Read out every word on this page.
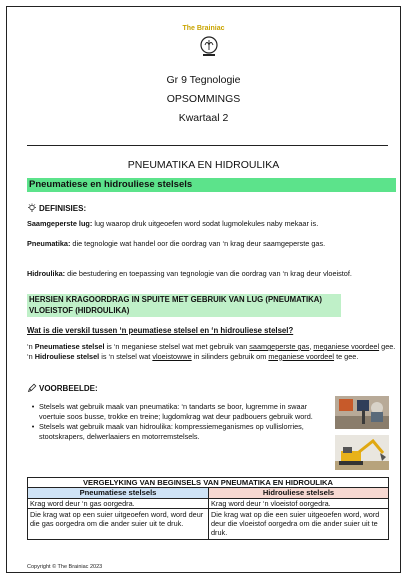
The Brainiac
Gr 9 Tegnologie
OPSOMMINGS
Kwartaal 2
PNEUMATIKA EN HIDROULIKA
Pneumatiese en hidrouliese stelsels
DEFINISIES:
Saamgeperste lug: lug waarop druk uitgeoefen word sodat lugmolekules naby mekaar is.
Pneumatika: die tegnologie wat handel oor die oordrag van ‘n krag deur saamgeperste gas.
Hidroulika: die bestudering en toepassing van tegnologie van die oordrag van ‘n krag deur vloeistof.
HERSIEN KRAGOORDRAG IN SPUITE MET GEBRUIK VAN LUG (PNEUMATIKA)
VLOEISTOF (HIDROULIKA)
Wat is die verskil tussen ‘n peumatiese stelsel en ‘n hidrouliese stelsel?
‘n Pneumatiese stelsel is ‘n meganiese stelsel wat met gebruik van saamgeperste gas, meganiese voordeel gee. ‘n Hidrouliese stelsel is ‘n stelsel wat vloeistowwe in silinders gebruik om meganiese voordeel te gee.
VOORBEELDE:
• Stelsels wat gebruik maak van pneumatika: ‘n tandarts se boor, lugremme in swaar voertuie soos busse, trokke en treine; lugdomkrag wat deur padbouers gebruik word.
• Stelsels wat gebruik maak van hidroulika: kompressiemeganismes op vullislorries, stootskrapers, delwerlaaiers en motorremstelsels.
VERGELYKING VAN BEGINSELS VAN PNEUMATIKA EN HIDROULIKA
Pneumatiese stelsels	Hidrouliese stelsels
Krag word deur ‘n gas oorgedra.	Krag word deur ‘n vloeistof oorgedra.
Die krag wat op een suier uitgeoefen word, word deur die gas oorgedra om die ander suier uit te druk.
Die krag wat op die een suier uitgeoefen word, word deur die vloeistof oorgedra om die ander suier uit te druk.
Copyright © The Brainiac 2023
